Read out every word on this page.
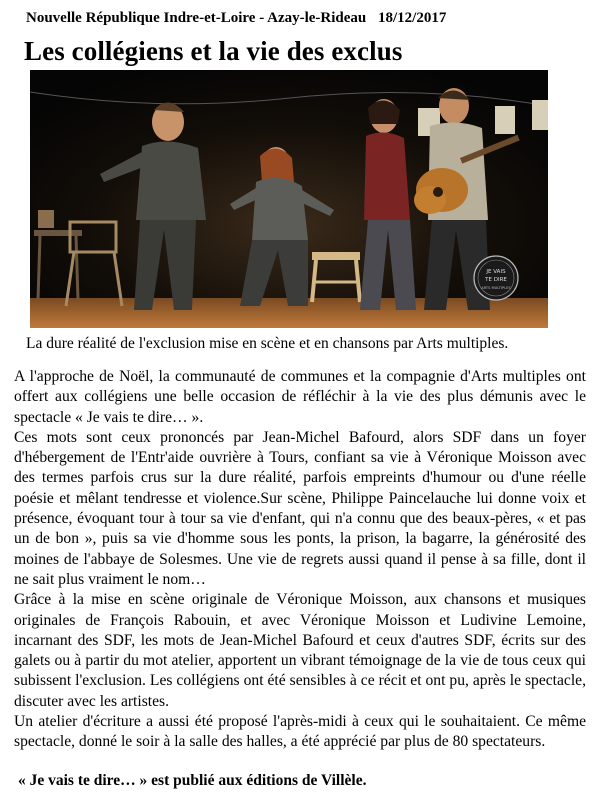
Nouvelle République Indre-et-Loire - Azay-le-Rideau 18/12/2017
Les collégiens et la vie des exclus
JE VAIS
TE DIRE
ARTS MULTIPLES
La dure réalité de l'exclusion mise en scène et en chansons par Arts multiples.

A l'approche de Noël, la communauté de communes et la compagnie d'Arts multiples ont offert aux collégiens une belle occasion de réfléchir à la vie des plus démunis avec le spectacle « Je vais te dire… ».

Ces mots sont ceux prononcés par Jean-Michel Bafourd, alors SDF dans un foyer d'hébergement de l'Entr'aide ouvrière à Tours, confiant sa vie à Véronique Moisson avec des termes parfois crus sur la dure réalité, parfois empreints d'humour ou d'une réelle poésie et mêlant tendresse et violence.Sur scène, Philippe Paincelauche lui donne voix et présence, évoquant tour à tour sa vie d'enfant, qui n'a connu que des beaux-pères, « et pas un de bon », puis sa vie d'homme sous les ponts, la prison, la bagarre, la générosité des moines de l'abbaye de Solesmes. Une vie de regrets aussi quand il pense à sa fille, dont il ne sait plus vraiment le nom…

Grâce à la mise en scène originale de Véronique Moisson, aux chansons et musiques originales de François Rabouin, et avec Véronique Moisson et Ludivine Lemoine, incarnant des SDF, les mots de Jean-Michel Bafourd et ceux d'autres SDF, écrits sur des galets ou à partir du mot atelier, apportent un vibrant témoignage de la vie de tous ceux qui subissent l'exclusion. Les collégiens ont été sensibles à ce récit et ont pu, après le spectacle, discuter avec les artistes.

Un atelier d'écriture a aussi été proposé l'après-midi à ceux qui le souhaitaient. Ce même spectacle, donné le soir à la salle des halles, a été apprécié par plus de 80 spectateurs.

« Je vais te dire… » est publié aux éditions de Villèle.
